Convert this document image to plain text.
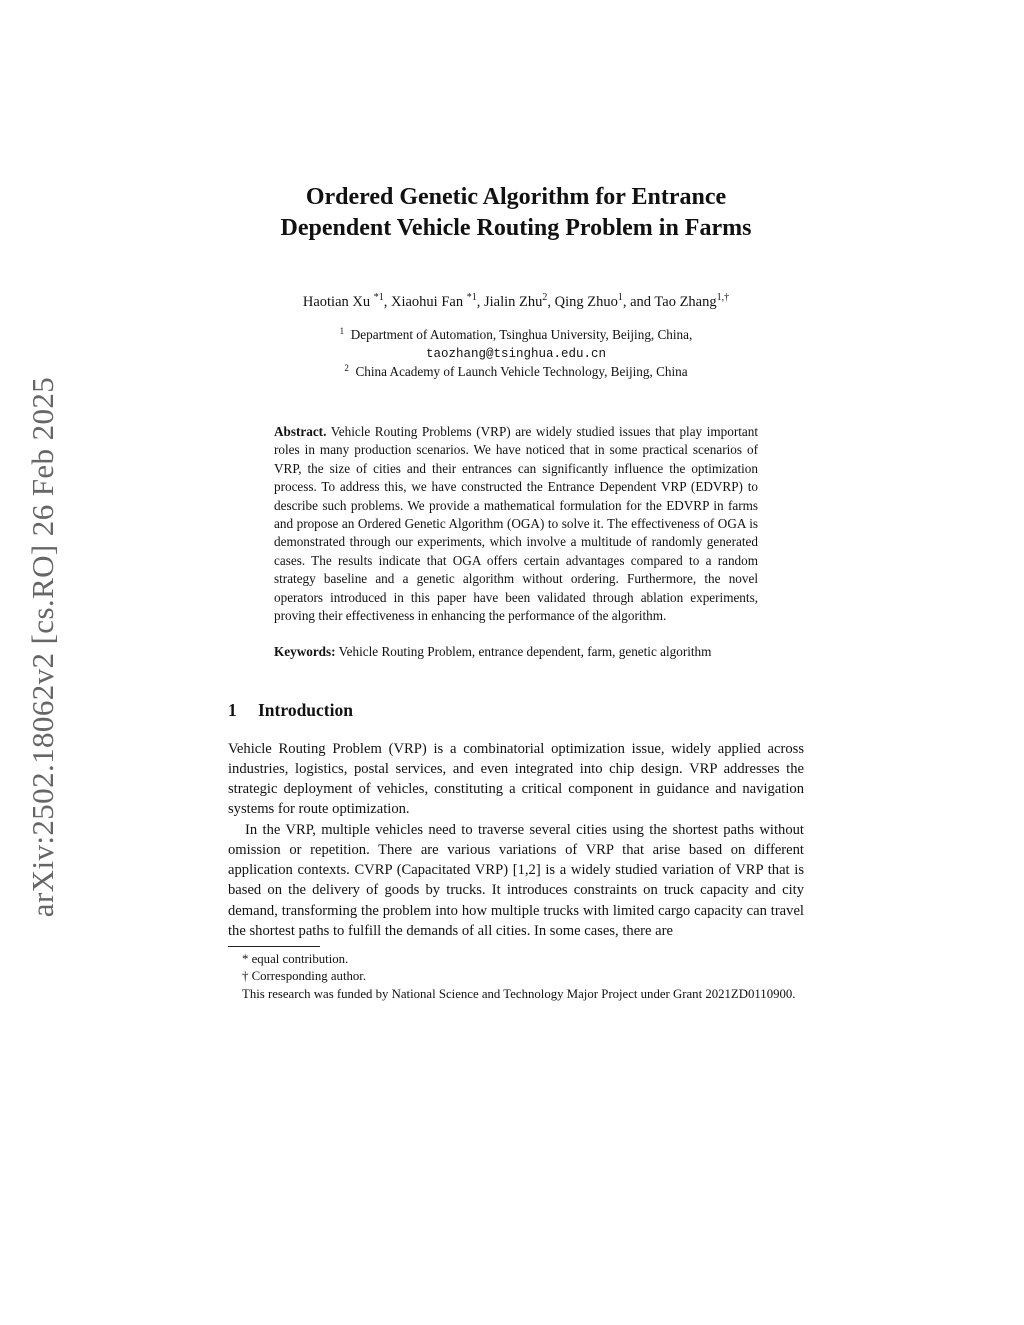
arXiv:2502.18062v2 [cs.RO] 26 Feb 2025
Ordered Genetic Algorithm for Entrance
Dependent Vehicle Routing Problem in Farms
Haotian Xu $^{*1}$, Xiaohui Fan $^{*1}$, Jialin Zhu$^2$, Qing Zhuo$^1$, and Tao Zhang$^{1,\dagger}$
$^1$ Department of Automation, Tsinghua University, Beijing, China,
taozhang@tsinghua.edu.cn
$^2$ China Academy of Launch Vehicle Technology, Beijing, China
Abstract. Vehicle Routing Problems (VRP) are widely studied issues that play important roles in many production scenarios. We have noticed that in some practical scenarios of VRP, the size of cities and their entrances can significantly influence the optimization process. To address this, we have constructed the Entrance Dependent VRP (EDVRP) to describe such problems. We provide a mathematical formulation for the EDVRP in farms and propose an Ordered Genetic Algorithm (OGA) to solve it. The effectiveness of OGA is demonstrated through our experiments, which involve a multitude of randomly generated cases. The results indicate that OGA offers certain advantages compared to a random strategy baseline and a genetic algorithm without ordering. Furthermore, the novel operators introduced in this paper have been validated through ablation experiments, proving their effectiveness in enhancing the performance of the algorithm.
Keywords: Vehicle Routing Problem, entrance dependent, farm, genetic algorithm
1 Introduction

Vehicle Routing Problem (VRP) is a combinatorial optimization issue, widely applied across industries, logistics, postal services, and even integrated into chip design. VRP addresses the strategic deployment of vehicles, constituting a critical component in guidance and navigation systems for route optimization.

In the VRP, multiple vehicles need to traverse several cities using the shortest paths without omission or repetition. There are various variations of VRP that arise based on different application contexts. CVRP (Capacitated VRP) [1,2] is a widely studied variation of VRP that is based on the delivery of goods by trucks. It introduces constraints on truck capacity and city demand, transforming the problem into how multiple trucks with limited cargo capacity can travel the shortest paths to fulfill the demands of all cities. In some cases, there are

* equal contribution.
† Corresponding author.
This research was funded by National Science and Technology Major Project under Grant 2021ZD0110900.
